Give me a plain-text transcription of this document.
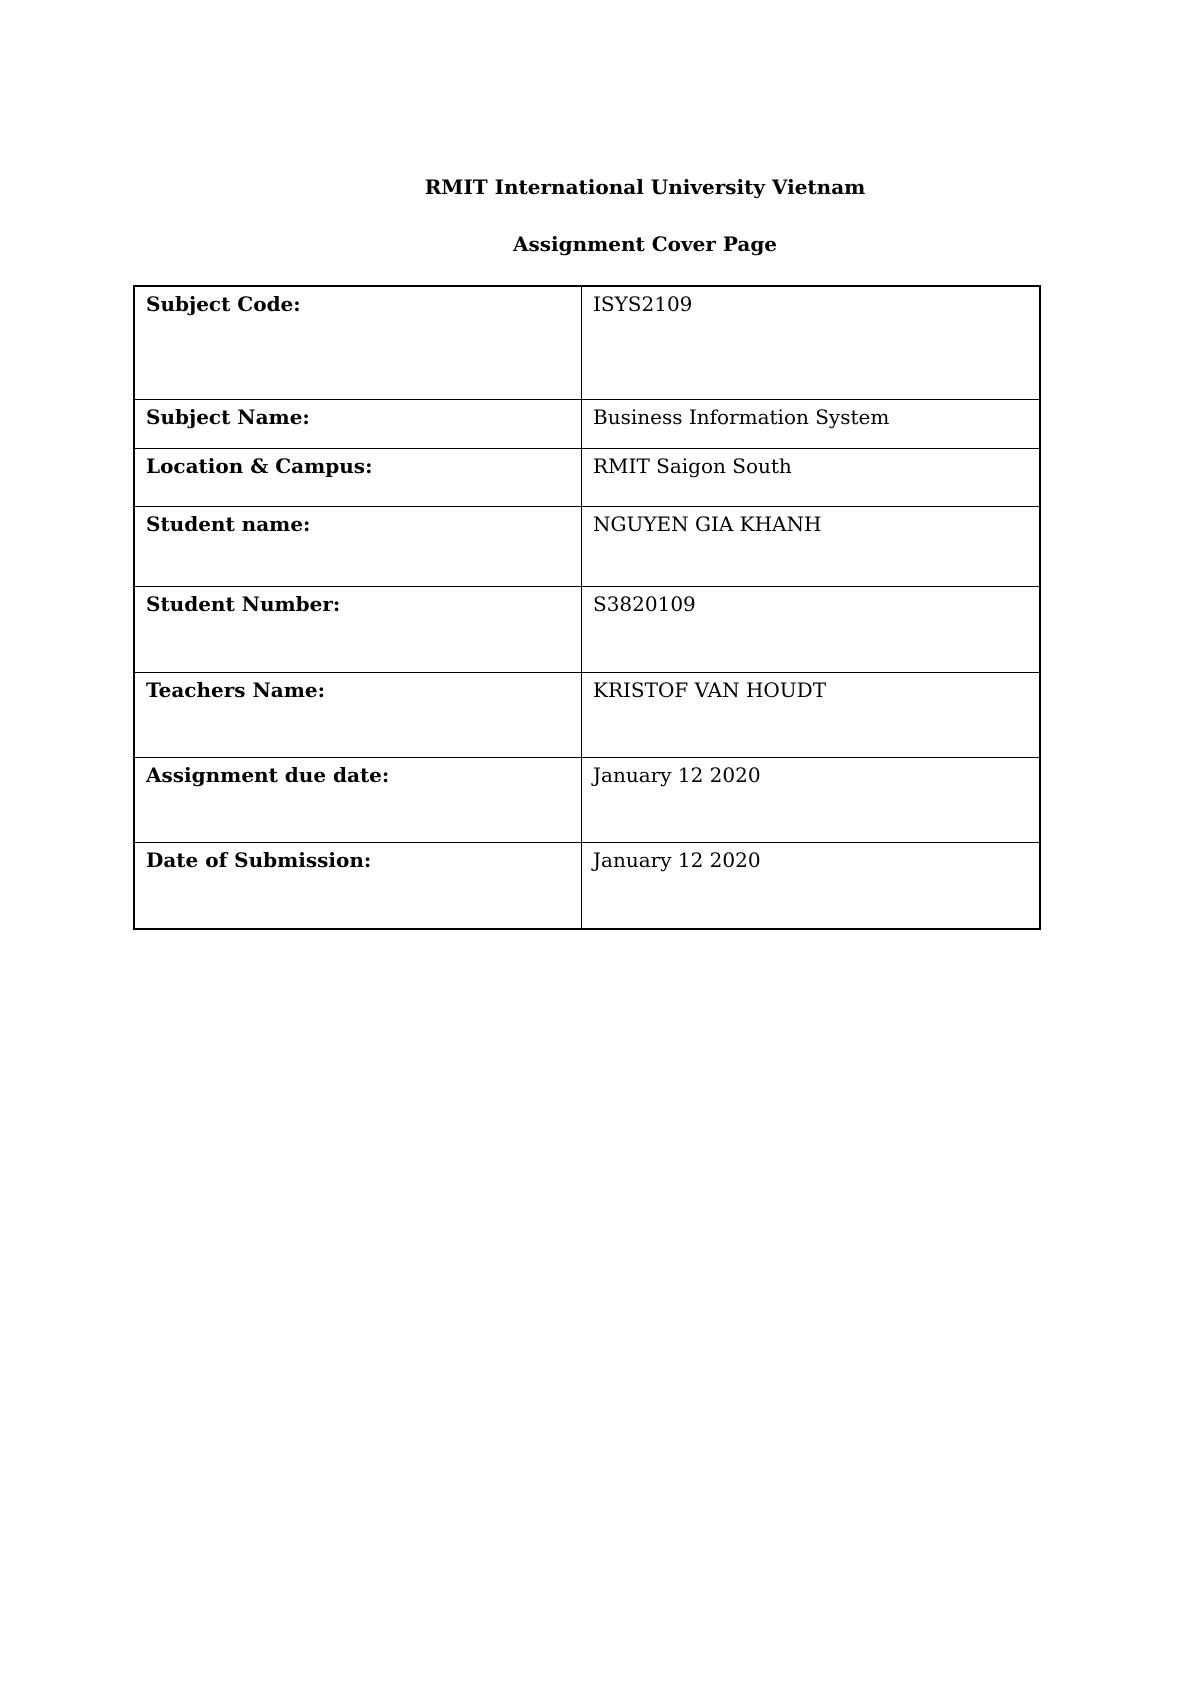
RMIT International University Vietnam
Assignment Cover Page
Subject Code:	ISYS2109
Subject Name:	Business Information System
Location & Campus:	RMIT Saigon South
Student name:	NGUYEN GIA KHANH
Student Number:	S3820109
Teachers Name:	KRISTOF VAN HOUDT
Assignment due date:	January 12 2020
Date of Submission:	January 12 2020
